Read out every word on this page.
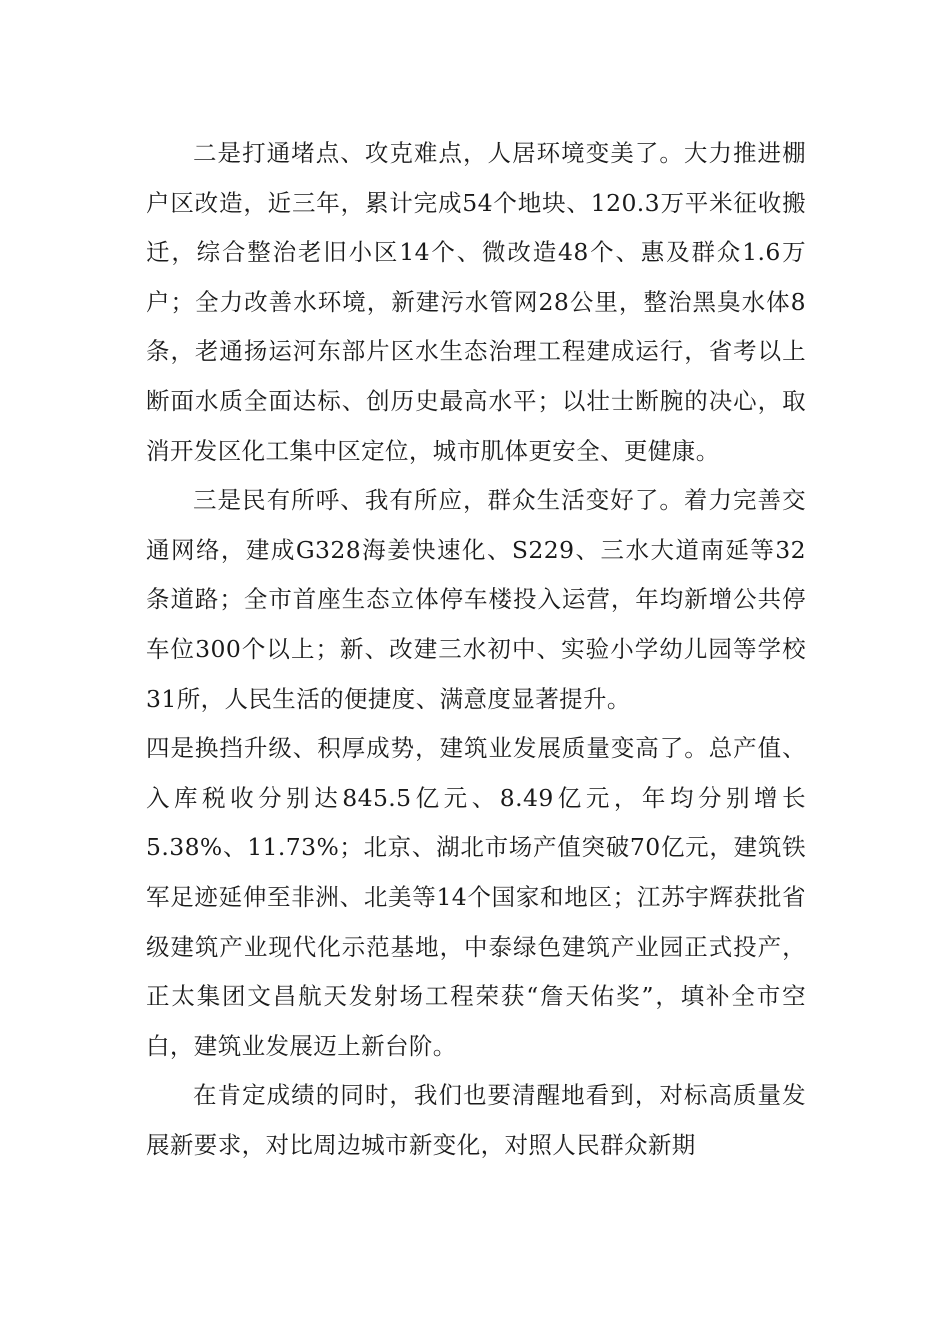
二是打通堵点、攻克难点，人居环境变美了。大力推进棚户区改造，近三年，累计完成54个地块、120.3万平米征收搬迁，综合整治老旧小区14个、微改造48个、惠及群众1.6万户；全力改善水环境，新建污水管网28公里，整治黑臭水体8条，老通扬运河东部片区水生态治理工程建成运行，省考以上断面水质全面达标、创历史最高水平；以壮士断腕的决心，取消开发区化工集中区定位，城市肌体更安全、更健康。

三是民有所呼、我有所应，群众生活变好了。着力完善交通网络，建成G328海姜快速化、S229、三水大道南延等32条道路；全市首座生态立体停车楼投入运营，年均新增公共停车位300个以上；新、改建三水初中、实验小学幼儿园等学校31所，人民生活的便捷度、满意度显著提升。

四是换挡升级、积厚成势，建筑业发展质量变高了。总产值、入库税收分别达845.5亿元、8.49亿元，年均分别增长5.38%、11.73%；北京、湖北市场产值突破70亿元，建筑铁军足迹延伸至非洲、北美等14个国家和地区；江苏宇辉获批省级建筑产业现代化示范基地，中泰绿色建筑产业园正式投产，正太集团文昌航天发射场工程荣获“詹天佑奖”，填补全市空白，建筑业发展迈上新台阶。

在肯定成绩的同时，我们也要清醒地看到，对标高质量发展新要求，对比周边城市新变化，对照人民群众新期
